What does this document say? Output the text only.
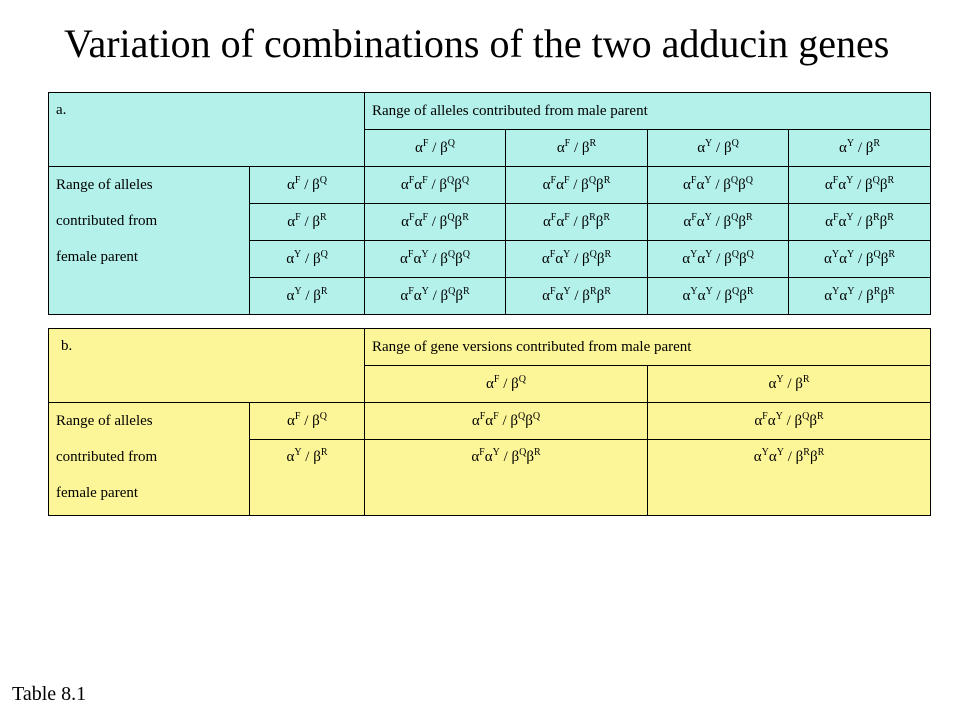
Variation of combinations of the two adducin genes
a.		Range of alleles contributed from male parent			
		$\alpha^F / \beta^Q$	$\alpha^F / \beta^R$	$\alpha^Y / \beta^Q$	$\alpha^Y / \beta^R$

Range of alleles
contributed from
female parent	$\alpha^F / \beta^Q$	$\alpha^F\alpha^F / \beta^Q\beta^Q$	$\alpha^F\alpha^F / \beta^Q\beta^R$	$\alpha^F\alpha^Y / \beta^Q\beta^Q$	$\alpha^F\alpha^Y / \beta^Q\beta^R$
	$\alpha^F / \beta^R$	$\alpha^F\alpha^F / \beta^Q\beta^R$	$\alpha^F\alpha^F / \beta^R\beta^R$	$\alpha^F\alpha^Y / \beta^Q\beta^R$	$\alpha^F\alpha^Y / \beta^R\beta^R$
	$\alpha^Y / \beta^Q$	$\alpha^F\alpha^Y / \beta^Q\beta^Q$	$\alpha^F\alpha^Y / \beta^Q\beta^R$	$\alpha^Y\alpha^Y / \beta^Q\beta^Q$	$\alpha^Y\alpha^Y / \beta^Q\beta^R$
	$\alpha^Y / \beta^R$	$\alpha^F\alpha^Y / \beta^Q\beta^R$	$\alpha^F\alpha^Y / \beta^R\beta^R$	$\alpha^Y\alpha^Y / \beta^Q\beta^R$	$\alpha^Y\alpha^Y / \beta^R\beta^R$
b.		Range of gene versions contributed from male parent	
		$\alpha^F / \beta^Q$	$\alpha^Y / \beta^R$

Range of alleles
contributed from
female parent	$\alpha^F / \beta^Q$	$\alpha^F\alpha^F / \beta^Q\beta^Q$	$\alpha^F\alpha^Y / \beta^Q\beta^R$
	$\alpha^Y / \beta^R$	$\alpha^F\alpha^Y / \beta^Q\beta^R$	$\alpha^Y\alpha^Y / \beta^R\beta^R$
Table 8.1
